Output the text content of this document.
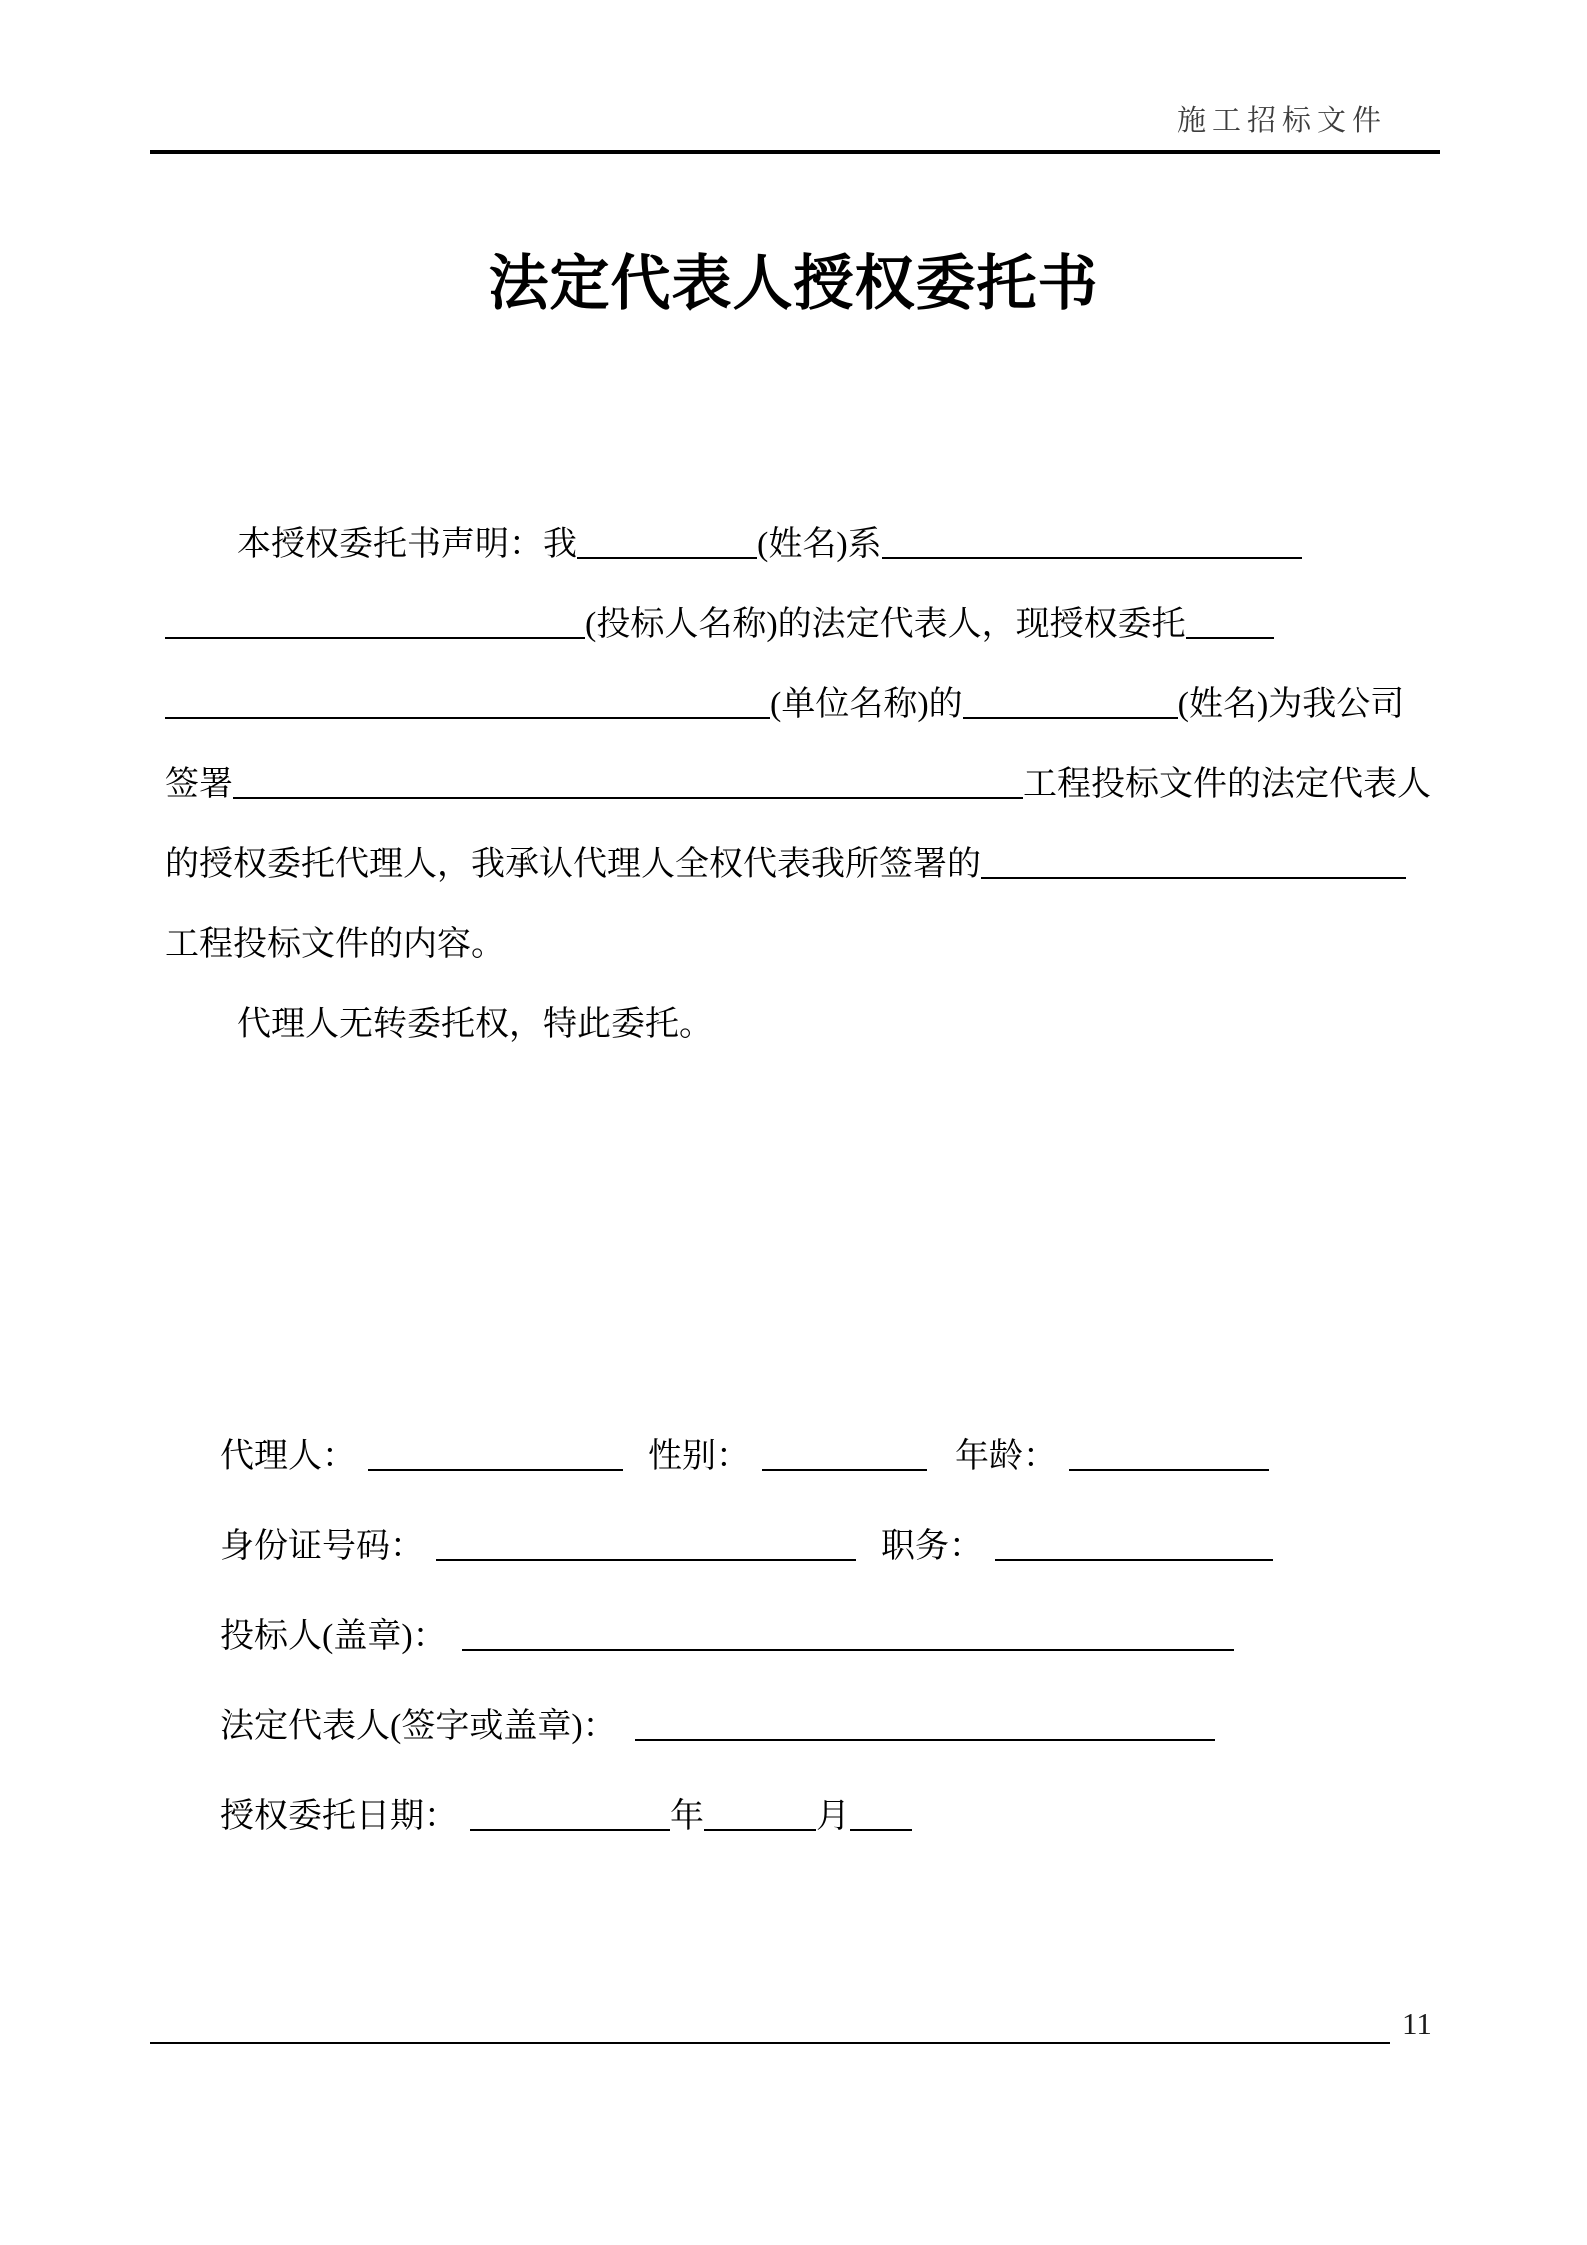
施工招标文件
法定代表人授权委托书
本授权委托书声明：我	(姓名)系
(投标人名称)的法定代表人，现授权委托
(单位名称)的	(姓名)为我公司
签署	工程投标文件的法定代表人
的授权委托代理人，我承认代理人全权代表我所签署的
工程投标文件的内容。
代理人无转委托权，特此委托。
代理人：	性别：	年龄：
身份证号码：	职务：
投标人(盖章)：
法定代表人(签字或盖章)：
授权委托日期：	年	月
11
